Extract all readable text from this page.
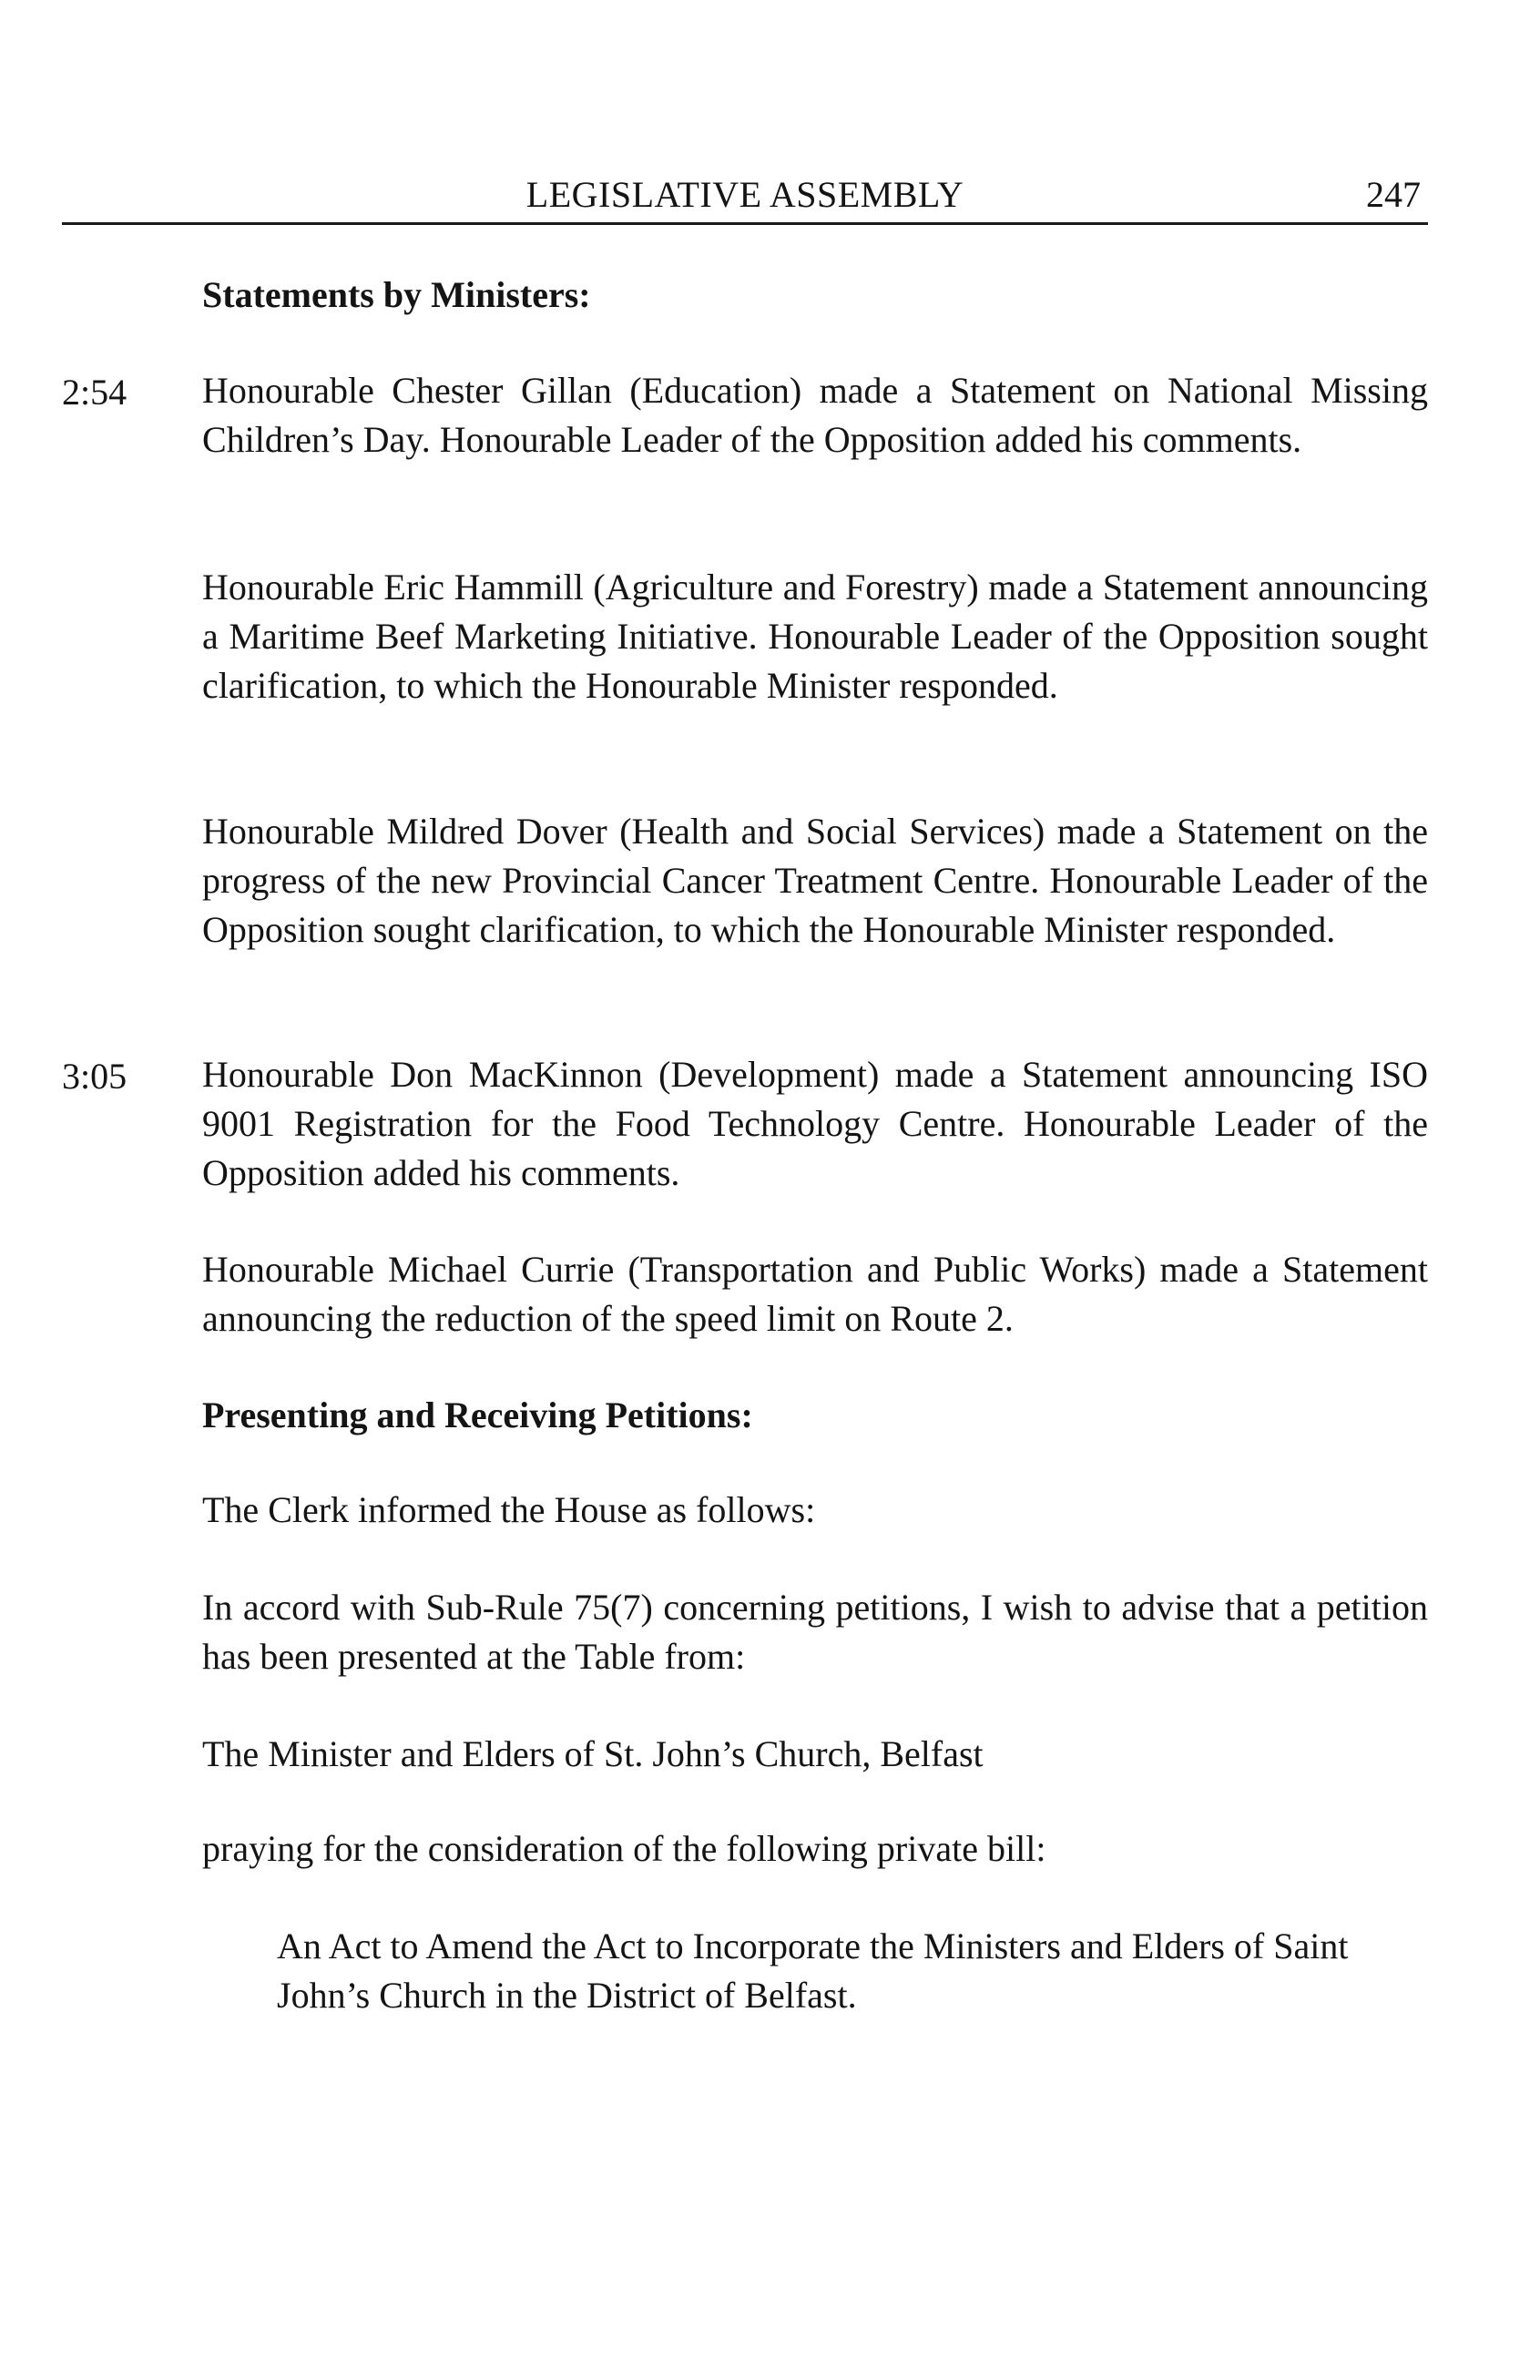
LEGISLATIVE ASSEMBLY	247
Statements by Ministers:
2:54 Honourable Chester Gillan (Education) made a Statement on National Missing Children’s Day. Honourable Leader of the Opposition added his comments.
Honourable Eric Hammill (Agriculture and Forestry) made a Statement announcing a Maritime Beef Marketing Initiative. Honourable Leader of the Opposition sought clarification, to which the Honourable Minister responded.
Honourable Mildred Dover (Health and Social Services) made a Statement on the progress of the new Provincial Cancer Treatment Centre. Honourable Leader of the Opposition sought clarification, to which the Honourable Minister responded.
3:05 Honourable Don MacKinnon (Development) made a Statement announcing ISO 9001 Registration for the Food Technology Centre. Honourable Leader of the Opposition added his comments.
Honourable Michael Currie (Transportation and Public Works) made a Statement announcing the reduction of the speed limit on Route 2.
Presenting and Receiving Petitions:
The Clerk informed the House as follows:
In accord with Sub-Rule 75(7) concerning petitions, I wish to advise that a petition has been presented at the Table from:
The Minister and Elders of St. John’s Church, Belfast
praying for the consideration of the following private bill:
An Act to Amend the Act to Incorporate the Ministers and Elders of Saint John’s Church in the District of Belfast.
